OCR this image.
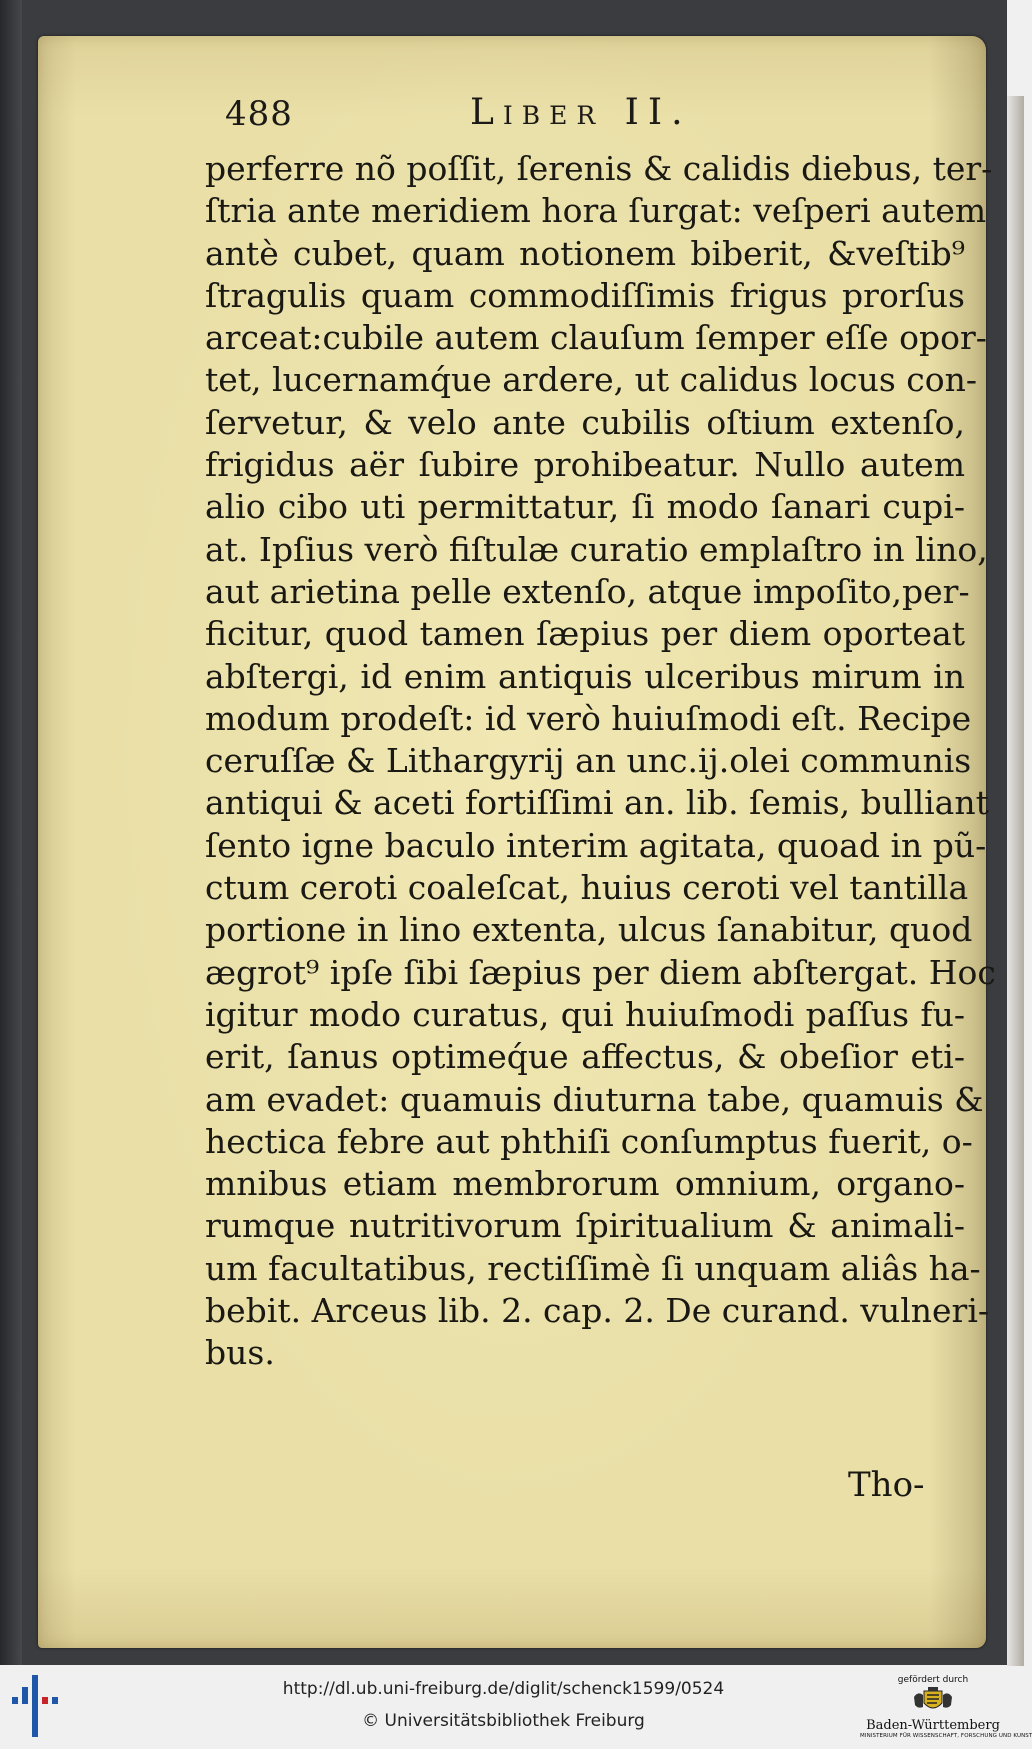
488	Liber II.
perferre nõ poſſit, ſerenis & calidis diebus, ter-
ſtria ante meridiem hora ſurgat: veſperi autem
antè cubet, quam notionem biberit, &veſtib⁹
ſtragulis quam commodiſſimis frigus prorſus
arceat:cubile autem clauſum ſemper eſſe opor-
tet, lucernamq́ue ardere, ut calidus locus con-
ſervetur, & velo ante cubilis oſtium extenſo,
frigidus aër ſubire prohibeatur. Nullo autem
alio cibo uti permittatur, ſi modo ſanari cupi-
at. Ipſius verò fiſtulæ curatio emplaſtro in lino,
aut arietina pelle extenſo, atque impoſito,per-
ficitur, quod tamen ſæpius per diem oporteat
abſtergi, id enim antiquis ulceribus mirum in
modum prodeſt: id verò huiuſmodi eſt. Recipe
ceruſſæ & Lithargyrij an unc.ij.olei communis
antiqui & aceti fortiſſimi an. lib. ſemis, bulliant
ſento igne baculo interim agitata, quoad in pũ-
ctum ceroti coaleſcat, huius ceroti vel tantilla
portione in lino extenta, ulcus ſanabitur, quod
ægrot⁹ ipſe ſibi ſæpius per diem abſtergat. Hoc
igitur modo curatus, qui huiuſmodi paſſus fu-
erit, ſanus optimeq́ue affectus, & obeſior eti-
am evadet: quamuis diuturna tabe, quamuis &
hectica febre aut phthiſi conſumptus fuerit, o-
mnibus etiam membrorum omnium, organo-
rumque nutritivorum ſpiritualium & animali-
um facultatibus, rectiſſimè ſi unquam aliâs ha-
bebit. Arceus lib. 2. cap. 2. De curand. vulneri-
bus.
Tho-
http://dl.ub.uni-freiburg.de/diglit/schenck1599/0524
© Universitätsbibliothek Freiburg
gefördert durch
Baden-Württemberg
MINISTERIUM FÜR WISSENSCHAFT, FORSCHUNG UND KUNST
